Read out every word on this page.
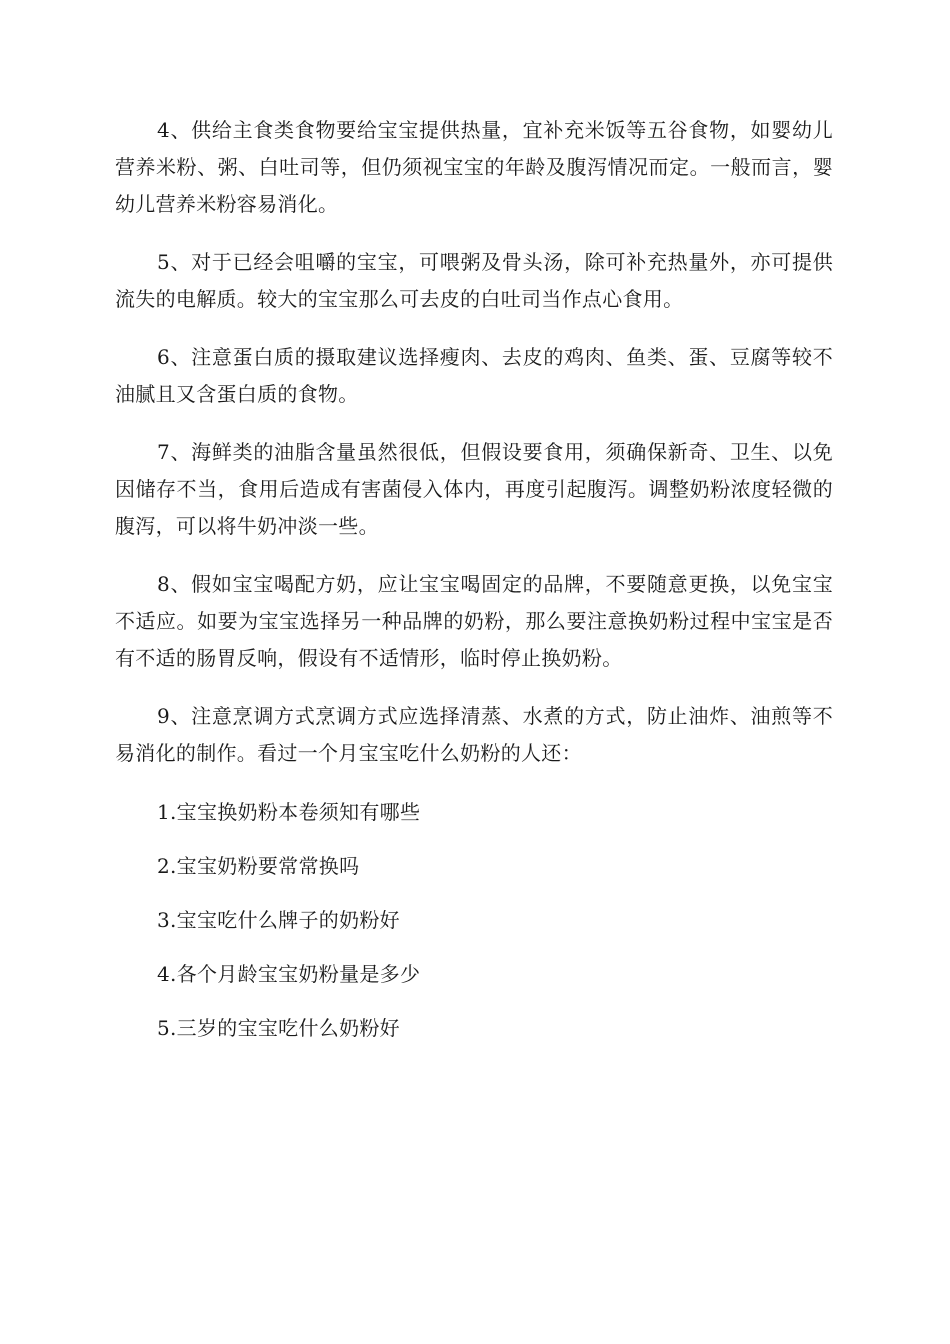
4、供给主食类食物要给宝宝提供热量，宜补充米饭等五谷食物，如婴幼儿营养米粉、粥、白吐司等，但仍须视宝宝的年龄及腹泻情况而定。一般而言，婴幼儿营养米粉容易消化。

5、对于已经会咀嚼的宝宝，可喂粥及骨头汤，除可补充热量外，亦可提供流失的电解质。较大的宝宝那么可去皮的白吐司当作点心食用。

6、注意蛋白质的摄取建议选择瘦肉、去皮的鸡肉、鱼类、蛋、豆腐等较不油腻且又含蛋白质的食物。

7、海鲜类的油脂含量虽然很低，但假设要食用，须确保新奇、卫生、以免因储存不当，食用后造成有害菌侵入体内，再度引起腹泻。调整奶粉浓度轻微的腹泻，可以将牛奶冲淡一些。

8、假如宝宝喝配方奶，应让宝宝喝固定的品牌，不要随意更换，以免宝宝不适应。如要为宝宝选择另一种品牌的奶粉，那么要注意换奶粉过程中宝宝是否有不适的肠胃反响，假设有不适情形，临时停止换奶粉。

9、注意烹调方式烹调方式应选择清蒸、水煮的方式，防止油炸、油煎等不易消化的制作。看过一个月宝宝吃什么奶粉的人还：

1.宝宝换奶粉本卷须知有哪些
2.宝宝奶粉要常常换吗
3.宝宝吃什么牌子的奶粉好
4.各个月龄宝宝奶粉量是多少
5.三岁的宝宝吃什么奶粉好
